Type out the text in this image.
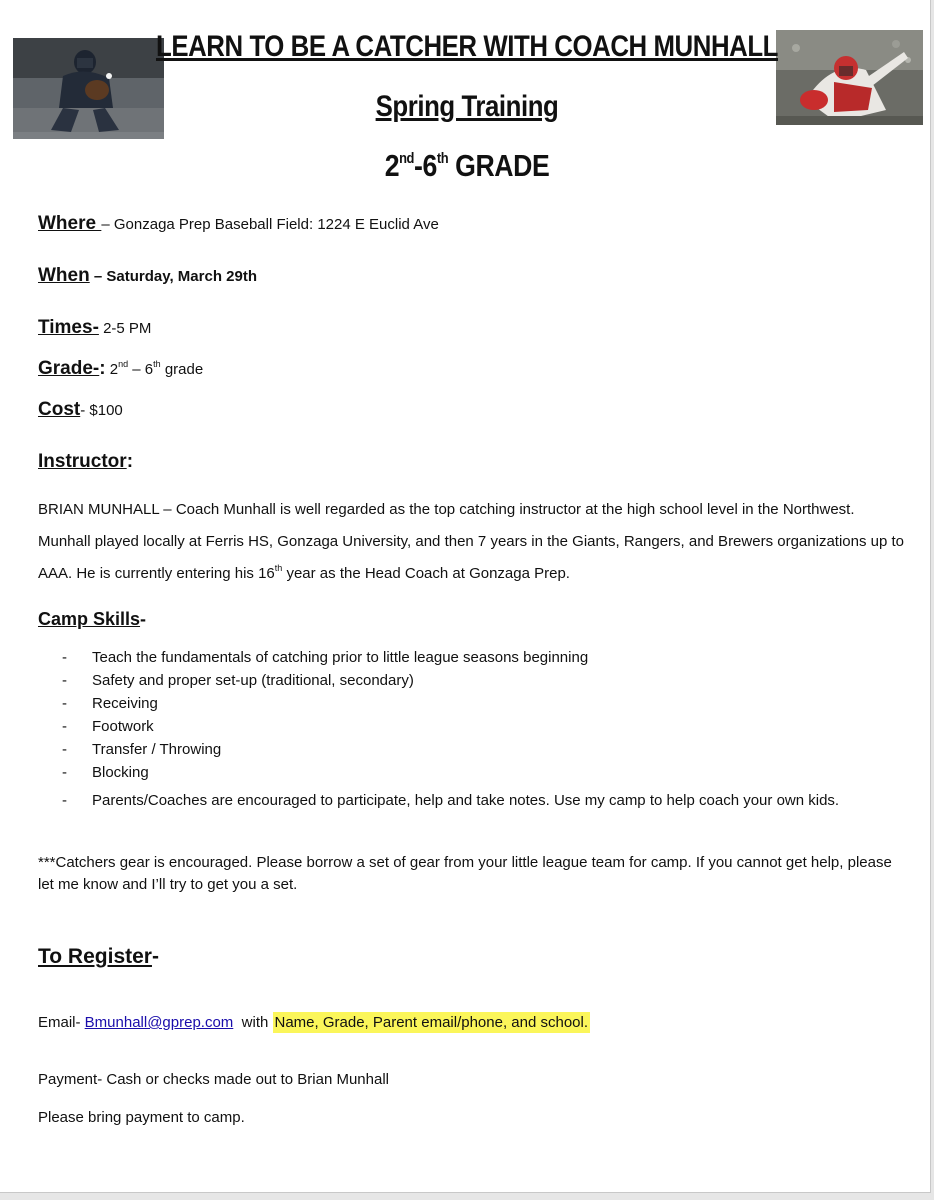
LEARN TO BE A CATCHER WITH COACH MUNHALL
Spring Training
2nd-6th GRADE
Where – Gonzaga Prep Baseball Field: 1224 E Euclid Ave
When – Saturday, March 29th
Times- 2-5 PM
Grade-: 2nd – 6th grade
Cost- $100
Instructor:
BRIAN MUNHALL – Coach Munhall is well regarded as the top catching instructor at the high school level in the Northwest. Munhall played locally at Ferris HS, Gonzaga University, and then 7 years in the Giants, Rangers, and Brewers organizations up to AAA. He is currently entering his 16th year as the Head Coach at Gonzaga Prep.
Camp Skills-
- Teach the fundamentals of catching prior to little league seasons beginning
- Safety and proper set-up (traditional, secondary)
- Receiving
- Footwork
- Transfer / Throwing
- Blocking
- Parents/Coaches are encouraged to participate, help and take notes. Use my camp to help coach your own kids.
***Catchers gear is encouraged. Please borrow a set of gear from your little league team for camp. If you cannot get help, please let me know and I’ll try to get you a set.
To Register-
Email- Bmunhall@gprep.com  with Name, Grade, Parent email/phone, and school.
Payment- Cash or checks made out to Brian Munhall
Please bring payment to camp.
